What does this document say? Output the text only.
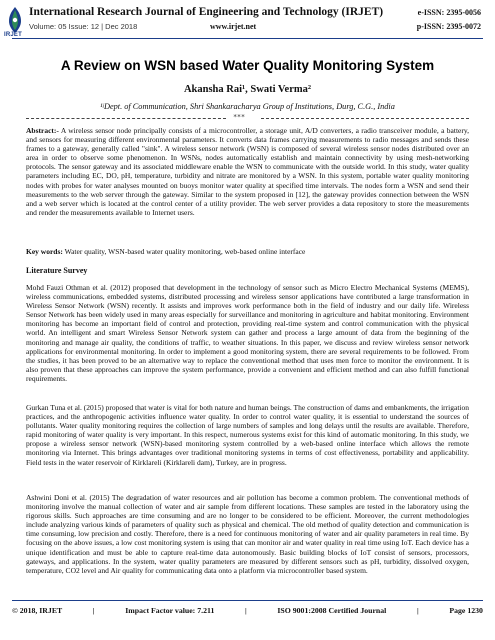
IRJET
International Research Journal of Engineering and Technology (IRJET)
Volume: 05 Issue: 12 | Dec 2018	www.irjet.net
e-ISSN: 2395-0056
p-ISSN: 2395-0072
A Review on WSN based Water Quality Monitoring System
Akansha Rai¹, Swati Verma²
¹ʲDept. of Communication, Shri Shankaracharya Group of Institutions, Durg, C.G., India
***
Abstract:- A wireless sensor node principally consists of a microcontroller, a storage unit, A/D converters, a radio transceiver module, a battery, and sensors for measuring different environmental parameters. It converts data frames carrying measurements to radio messages and sends these frames to a gateway, generally called "sink". A wireless sensor network (WSN) is composed of several wireless sensor nodes distributed over an area in order to observe some phenomenon. In WSNs, nodes automatically establish and maintain connectivity by using mesh-networking protocols. The sensor gateway and its associated middleware enable the WSN to communicate with the outside world. In this study, water quality parameters including EC, DO, pH, temperature, turbidity and nitrate are monitored by a WSN. In this system, portable water quality monitoring nodes with probes for water analyses mounted on buoys monitor water quality at specified time intervals. The nodes form a WSN and send their measurements to the web server through the gateway. Similar to the system proposed in [12], the gateway provides connection between the WSN and a web server which is located at the control center of a utility provider. The web server provides a data repository to store the measurements and render the measurements available to Internet users.
Key words: Water quality, WSN-based water quality monitoring, web-based online interface
Literature Survey
Mohd Fauzi Othman et al. (2012) proposed that development in the technology of sensor such as Micro Electro Mechanical Systems (MEMS), wireless communications, embedded systems, distributed processing and wireless sensor applications have contributed a large transformation in Wireless Sensor Network (WSN) recently. It assists and improves work performance both in the field of industry and our daily life. Wireless Sensor Network has been widely used in many areas especially for surveillance and monitoring in agriculture and habitat monitoring. Environment monitoring has become an important field of control and protection, providing real-time system and control communication with the physical world. An intelligent and smart Wireless Sensor Network system can gather and process a large amount of data from the beginning of the monitoring and manage air quality, the conditions of traffic, to weather situations. In this paper, we discuss and review wireless sensor network applications for environmental monitoring. In order to implement a good monitoring system, there are several requirements to be followed. From the studies, it has been proved to be an alternative way to replace the conventional method that uses men force to monitor the environment. It is also proven that these approaches can improve the system performance, provide a convenient and efficient method and can also fulfill functional requirements.
Gurkan Tuna et al. (2015) proposed that water is vital for both nature and human beings. The construction of dams and embankments, the irrigation practices, and the anthropogenic activities influence water quality. In order to control water quality, it is essential to understand the sources of pollutants. Water quality monitoring requires the collection of large numbers of samples and long delays until the results are available. Therefore, rapid monitoring of water quality is very important. In this respect, numerous systems exist for this kind of automatic monitoring. In this study, we propose a wireless sensor network (WSN)-based monitoring system controlled by a web-based online interface which allows the remote monitoring via Internet. This brings advantages over traditional monitoring systems in terms of cost effectiveness, portability and applicability. Field tests in the water reservoir of Kirklareli (Kirklareli dam), Turkey, are in progress.
Ashwini Doni et al. (2015) The degradation of water resources and air pollution has become a common problem. The conventional methods of monitoring involve the manual collection of water and air sample from different locations. These samples are tested in the laboratory using the rigorous skills. Such approaches are time consuming and are no longer to be considered to be efficient. Moreover, the current methodologies include analyzing various kinds of parameters of quality such as physical and chemical. The old method of quality detection and communication is time consuming, low precision and costly. Therefore, there is a need for continuous monitoring of water and air quality parameters in real time. By focusing on the above issues, a low cost monitoring system is using that can monitor air and water quality in real time using IoT. Each device has a unique identification and must be able to capture real-time data autonomously. Basic building blocks of IoT consist of sensors, processors, gateways, and applications. In the system, water quality parameters are measured by different sensors such as pH, turbidity, dissolved oxygen, temperature, CO2 level and Air quality for communicating data onto a platform via microcontroller based system.
© 2018, IRJET	|	Impact Factor value: 7.211	|	ISO 9001:2008 Certified Journal	|	Page 1230
